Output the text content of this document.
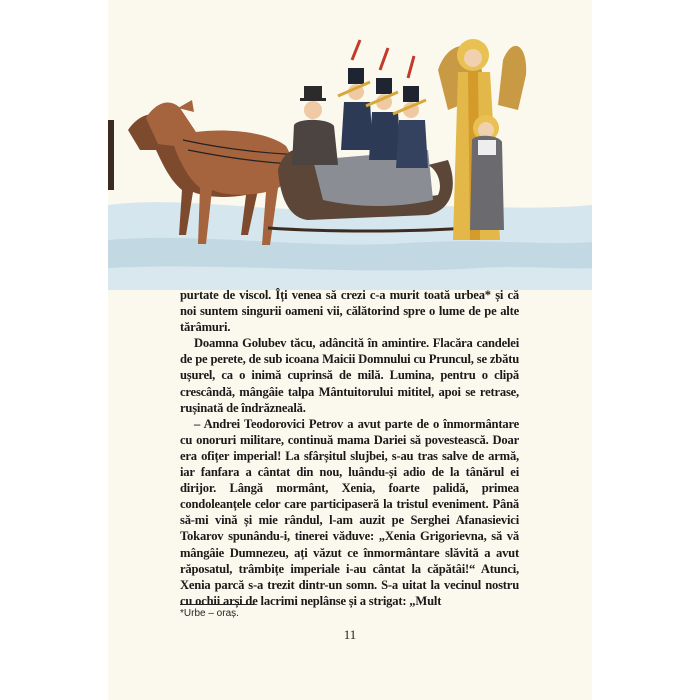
purtate de viscol. Îți venea să crezi c-a murit toată urbea* și că noi suntem singurii oameni vii, călătorind spre o lume de pe alte tărâmuri.

Doamna Golubev tăcu, adâncită în amintire. Flacăra candelei de pe perete, de sub icoana Maicii Domnului cu Pruncul, se zbătu ușurel, ca o inimă cuprinsă de milă. Lumina, pentru o clipă crescândă, mângâie talpa Mântuitorului mititel, apoi se retrase, rușinată de îndrăzneală.

– Andrei Teodorovici Petrov a avut parte de o înmormântare cu onoruri militare, continuă mama Dariei să povestească. Doar era ofițer imperial! La sfârșitul slujbei, s-au tras salve de armă, iar fanfara a cântat din nou, luându-și adio de la tânărul ei dirijor. Lângă mormânt, Xenia, foarte palidă, primea condoleanțele celor care participaseră la tristul eveniment. Până să-mi vină și mie rândul, l-am auzit pe Serghei Afanasievici Tokarov spunându-i, tinerei văduve: „Xenia Grigorievna, să vă mângâie Dumnezeu, ați văzut ce înmormântare slăvită a avut răposatul, trâmbițe imperiale i-au cântat la căpătâi!“ Atunci, Xenia parcă s-a trezit dintr-un somn. S-a uitat la vecinul nostru cu ochii arși de lacrimi neplânse și a strigat: „Mult

*Urbe – oraș.
11
